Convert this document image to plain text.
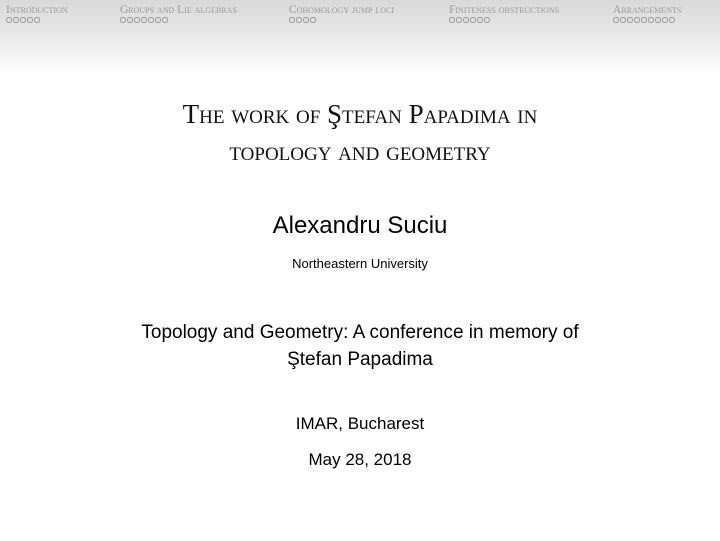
Introduction	Groups and Lie algebras	Cohomology jump loci	Finiteness obstructions	Arrangements
The work of Ştefan Papadima in
topology and geometry
Alexandru Suciu
Northeastern University
Topology and Geometry: A conference in memory of
Ştefan Papadima
IMAR, Bucharest
May 28, 2018
